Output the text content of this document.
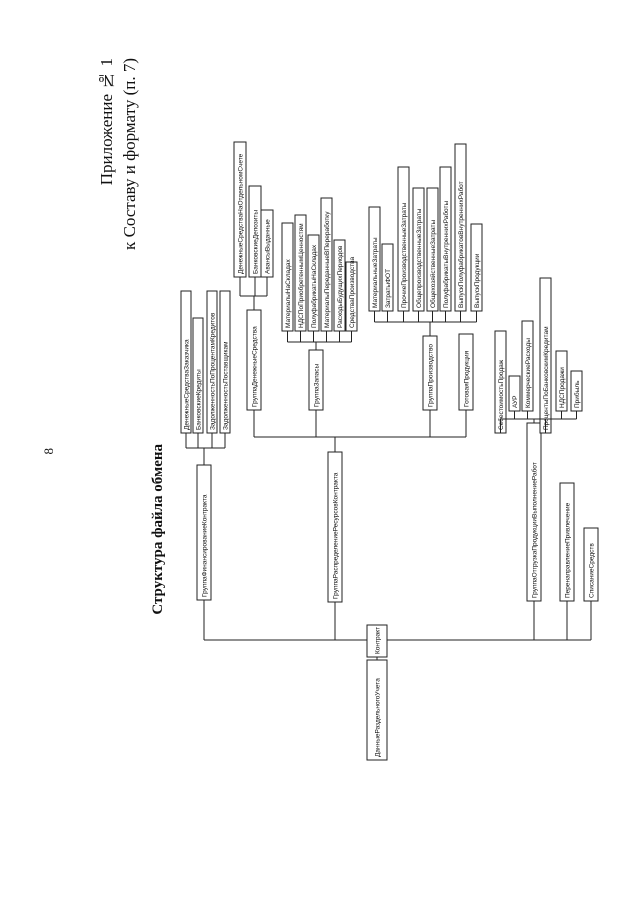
8	Структура файла обмена
Приложение № 1 к Составу и формату (п. 7)
ДанныеРаздельногоУчета
Контракт
ГруппаФинансированиеКонтракта
ДенежныеСредстваЗаказчика БанковскиеКредиты ЗадолженностьПоПроцентамКредитов ЗадолженностьПоставщикам
ГруппаРаспределениеРесурсовКонтракта
ГруппаДенежныеСредства
ДенежныеСредстваНаОтдельномСчете БанковскиеДепозиты АвансыВыданные
ГруппаЗапасы
МатериалыНаСкладах НДСПоПриобретеннымЦенностям ПолуфабрикатыНаСкладах МатериалыПереданныеВПереработку РасходыБудущихПериодов СредстваПроизводства
ГруппаПроизводство
МатериальныеЗатраты ЗатратыФОТ ПрочиеПроизводственныеЗатраты ОбщепроизводственныеЗатраты ОбщехозяйственныеЗатраты ПолуфабрикатыВнутреннихРаботы ВыпускПолуфабрикатовВнутреннихРабот ВыпускПродукции
ГотоваяПродукция
ГруппаОтгрузкаПродукцииВыполнениеРабот
СебестоимостьПродаж АУР КоммерческиеРасходы ПроцентыПоБанковскимКредитам НДСПродажи Прибыль
ПеренаправлениеПривлечение	СписаниеСредств
